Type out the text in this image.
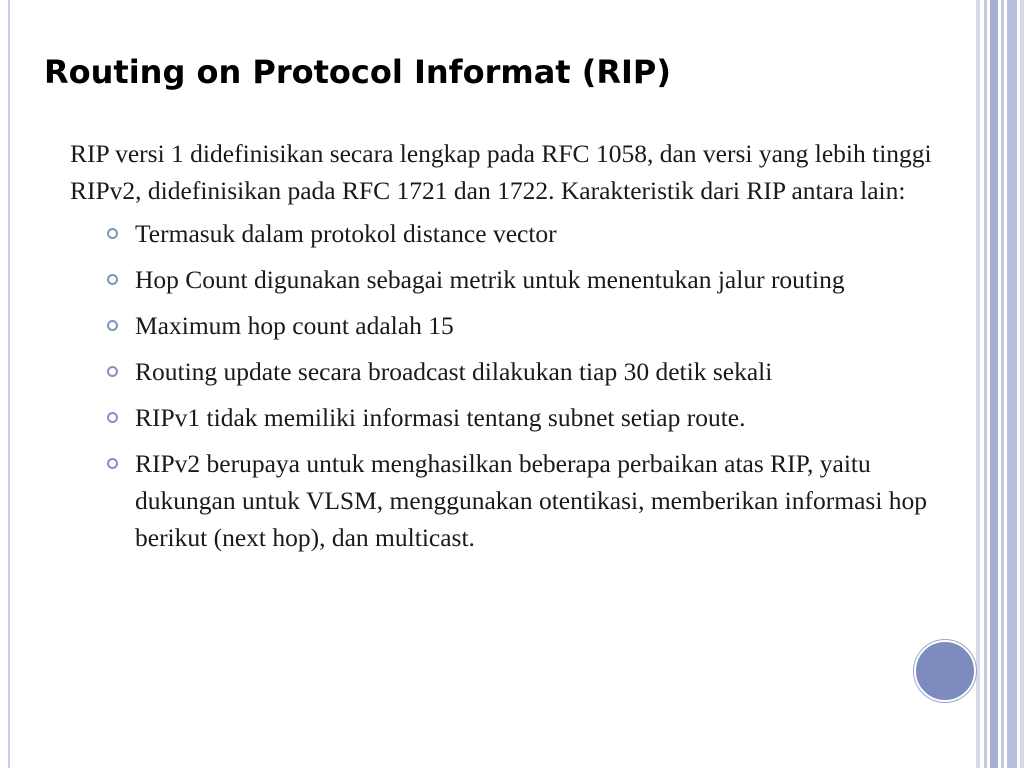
Routing on Protocol Informat (RIP)

RIP versi 1 didefinisikan secara lengkap pada RFC 1058, dan versi yang lebih tinggi RIPv2, didefinisikan pada RFC 1721 dan 1722. Karakteristik dari RIP antara lain:

Termasuk dalam protokol distance vector
Hop Count digunakan sebagai metrik untuk menentukan jalur routing
Maximum hop count adalah 15
Routing update secara broadcast dilakukan tiap 30 detik sekali
RIPv1 tidak memiliki informasi tentang subnet setiap route.
RIPv2 berupaya untuk menghasilkan beberapa perbaikan atas RIP, yaitu dukungan untuk VLSM, menggunakan otentikasi, memberikan informasi hop berikut (next hop), dan multicast.
